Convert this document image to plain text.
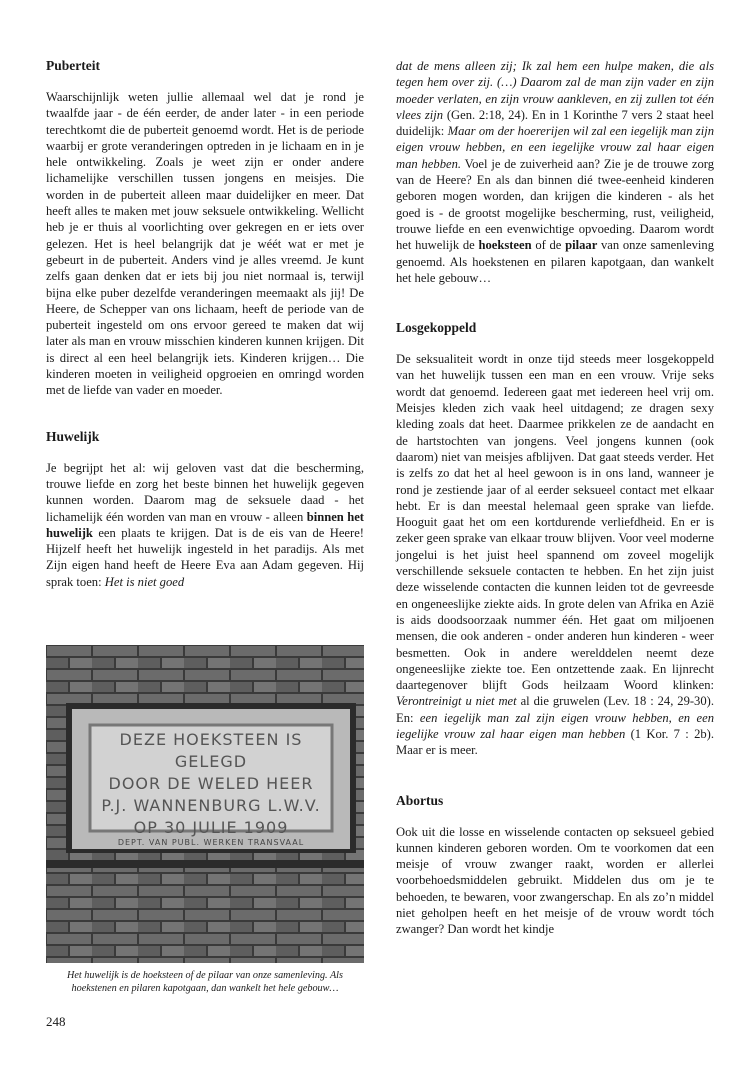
Puberteit

Waarschijnlijk weten jullie allemaal wel dat je rond je twaalfde jaar - de één eerder, de ander later - in een periode terechtkomt die de puberteit genoemd wordt. Het is de periode waarbij er grote veranderingen optreden in je lichaam en in je hele ontwikkeling. Zoals je weet zijn er onder andere lichamelijke verschillen tussen jongens en meisjes. Die worden in de puberteit alleen maar duidelijker en meer. Dat heeft alles te maken met jouw seksuele ontwikkeling. Wellicht heb je er thuis al voorlichting over gekregen en er iets over gelezen. Het is heel belangrijk dat je wéét wat er met je gebeurt in de puberteit. Anders vind je alles vreemd. Je kunt zelfs gaan denken dat er iets bij jou niet normaal is, terwijl bijna elke puber dezelfde veranderingen meemaakt als jij! De Heere, de Schepper van ons lichaam, heeft de periode van de puberteit ingesteld om ons ervoor gereed te maken dat wij later als man en vrouw misschien kinderen kunnen krijgen. Dit is direct al een heel belangrijk iets. Kinderen krijgen… Die kinderen moeten in veiligheid opgroeien en omringd worden met de liefde van vader en moeder.

Huwelijk

Je begrijpt het al: wij geloven vast dat die bescherming, trouwe liefde en zorg het beste binnen het huwelijk gegeven kunnen worden. Daarom mag de seksuele daad - het lichamelijk één worden van man en vrouw - alleen binnen het huwelijk een plaats te krijgen. Dat is de eis van de Heere! Hijzelf heeft het huwelijk ingesteld in het paradijs. Als met Zijn eigen hand heeft de Heere Eva aan Adam gegeven. Hij sprak toen: Het is niet goed

DEZE HOEKSTEEN IS GELEGD
DOOR DE WELED HEER
P.J. WANNENBURG L.W.V.
OP 30 JULIE 1909
DEPT. VAN PUBL. WERKEN TRANSVAAL
Het huwelijk is de hoeksteen of de pilaar van onze samenleving. Als hoekstenen en pilaren kapotgaan, dan wankelt het hele gebouw…
248

dat de mens alleen zij; Ik zal hem een hulpe maken, die als tegen hem over zij. (…) Daarom zal de man zijn vader en zijn moeder verlaten, en zijn vrouw aankleven, en zij zullen tot één vlees zijn (Gen. 2:18, 24). En in 1 Korinthe 7 vers 2 staat heel duidelijk: Maar om der hoererijen wil zal een iegelijk man zijn eigen vrouw hebben, en een iegelijke vrouw zal haar eigen man hebben. Voel je de zuiverheid aan? Zie je de trouwe zorg van de Heere? En als dan binnen dié twee-eenheid kinderen geboren mogen worden, dan krijgen die kinderen - als het goed is - de grootst mogelijke bescherming, rust, veiligheid, trouwe liefde en een evenwichtige opvoeding. Daarom wordt het huwelijk de hoeksteen of de pilaar van onze samenleving genoemd. Als hoekstenen en pilaren kapotgaan, dan wankelt het hele gebouw…

Losgekoppeld

De seksualiteit wordt in onze tijd steeds meer losgekoppeld van het huwelijk tussen een man en een vrouw. Vrije seks wordt dat genoemd. Iedereen gaat met iedereen heel vrij om. Meisjes kleden zich vaak heel uitdagend; ze dragen sexy kleding zoals dat heet. Daarmee prikkelen ze de aandacht en de hartstochten van jongens. Veel jongens kunnen (ook daarom) niet van meisjes afblijven. Dat gaat steeds verder. Het is zelfs zo dat het al heel gewoon is in ons land, wanneer je rond je zestiende jaar of al eerder seksueel contact met elkaar hebt. Er is dan meestal helemaal geen sprake van liefde. Hooguit gaat het om een kortdurende verliefdheid. En er is zeker geen sprake van elkaar trouw blijven. Voor veel moderne jongelui is het juist heel spannend om zoveel mogelijk verschillende seksuele contacten te hebben. En het zijn juist deze wisselende contacten die kunnen leiden tot de gevreesde en ongeneeslijke ziekte aids. In grote delen van Afrika en Azië is aids doodsoorzaak nummer één. Het gaat om miljoenen mensen, die ook anderen - onder anderen hun kinderen - weer besmetten. Ook in andere werelddelen neemt deze ongeneeslijke ziekte toe. Een ontzettende zaak. En lijnrecht daartegenover blijft Gods heilzaam Woord klinken: Verontreinigt u niet met al die gruwelen (Lev. 18 : 24, 29-30). En: een iegelijk man zal zijn eigen vrouw hebben, en een iegelijke vrouw zal haar eigen man hebben (1 Kor. 7 : 2b). Maar er is meer.

Abortus

Ook uit die losse en wisselende contacten op seksueel gebied kunnen kinderen geboren worden. Om te voorkomen dat een meisje of vrouw zwanger raakt, worden er allerlei voorbehoedsmiddelen gebruikt. Middelen dus om je te behoeden, te bewaren, voor zwangerschap. En als zo’n middel niet geholpen heeft en het meisje of de vrouw wordt tóch zwanger? Dan wordt het kindje
